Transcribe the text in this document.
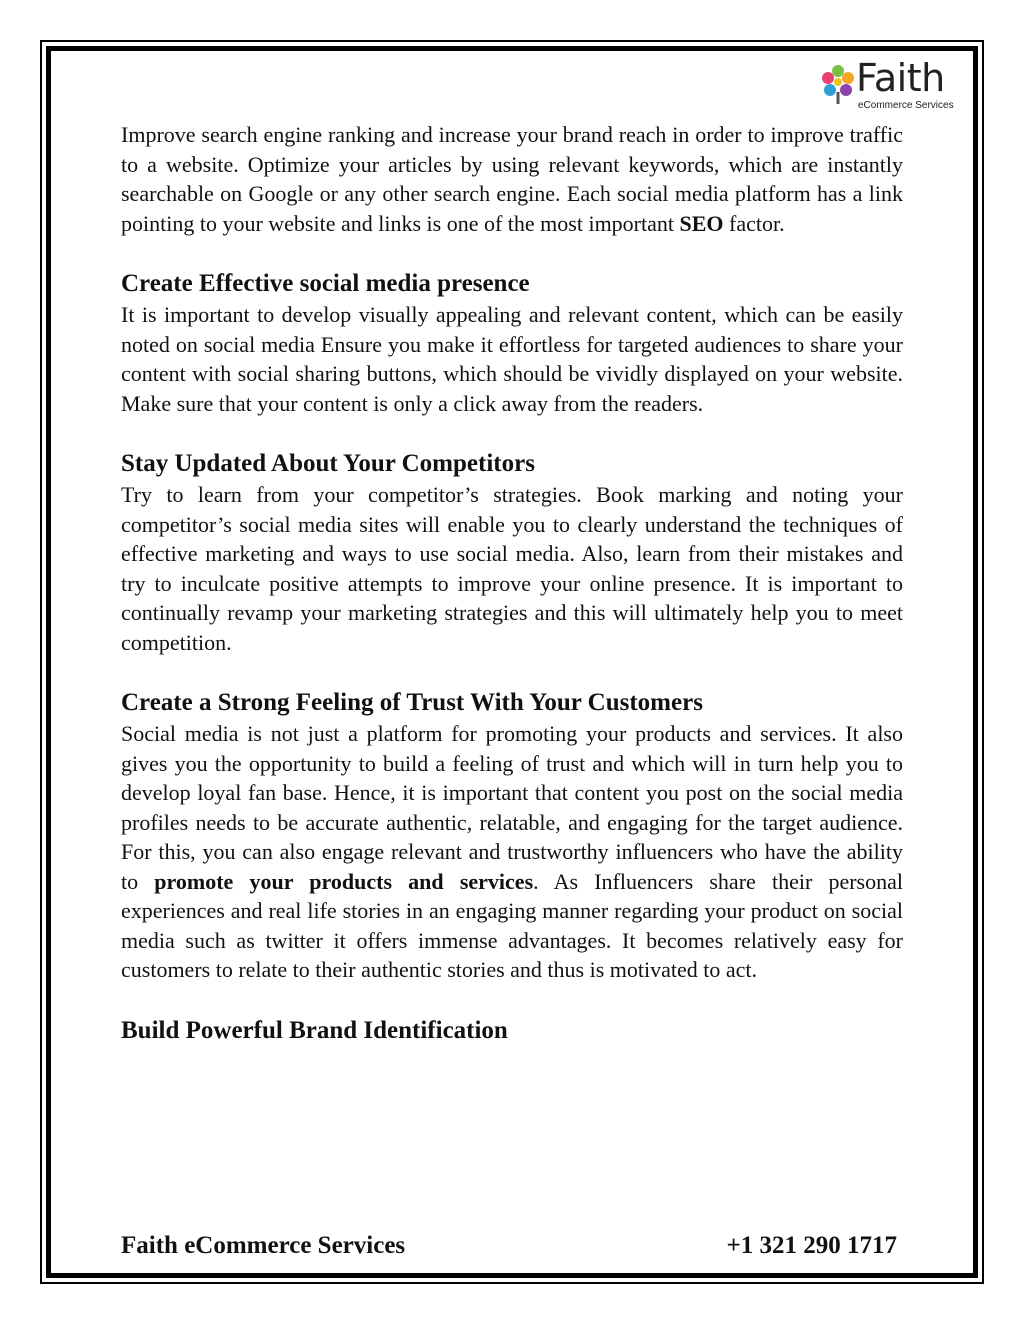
Faith
eCommerce Services

Improve search engine ranking and increase your brand reach in order to improve traffic to a website. Optimize your articles by using relevant keywords, which are instantly searchable on Google or any other search engine. Each social media platform has a link pointing to your website and links is one of the most important SEO factor.

Create Effective social media presence

It is important to develop visually appealing and relevant content, which can be easily noted on social media Ensure you make it effortless for targeted audiences to share your content with social sharing buttons, which should be vividly displayed on your website. Make sure that your content is only a click away from the readers.

Stay Updated About Your Competitors

Try to learn from your competitor’s strategies. Book marking and noting your competitor’s social media sites will enable you to clearly understand the techniques of effective marketing and ways to use social media. Also, learn from their mistakes and try to inculcate positive attempts to improve your online presence. It is important to continually revamp your marketing strategies and this will ultimately help you to meet competition.

Create a Strong Feeling of Trust With Your Customers

Social media is not just a platform for promoting your products and services. It also gives you the opportunity to build a feeling of trust and which will in turn help you to develop loyal fan base. Hence, it is important that content you post on the social media profiles needs to be accurate authentic, relatable, and engaging for the target audience. For this, you can also engage relevant and trustworthy influencers who have the ability to promote your products and services. As Influencers share their personal experiences and real life stories in an engaging manner regarding your product on social media such as twitter it offers immense advantages. It becomes relatively easy for customers to relate to their authentic stories and thus is motivated to act.

Build Powerful Brand Identification
Faith eCommerce Services	+1 321 290 1717
